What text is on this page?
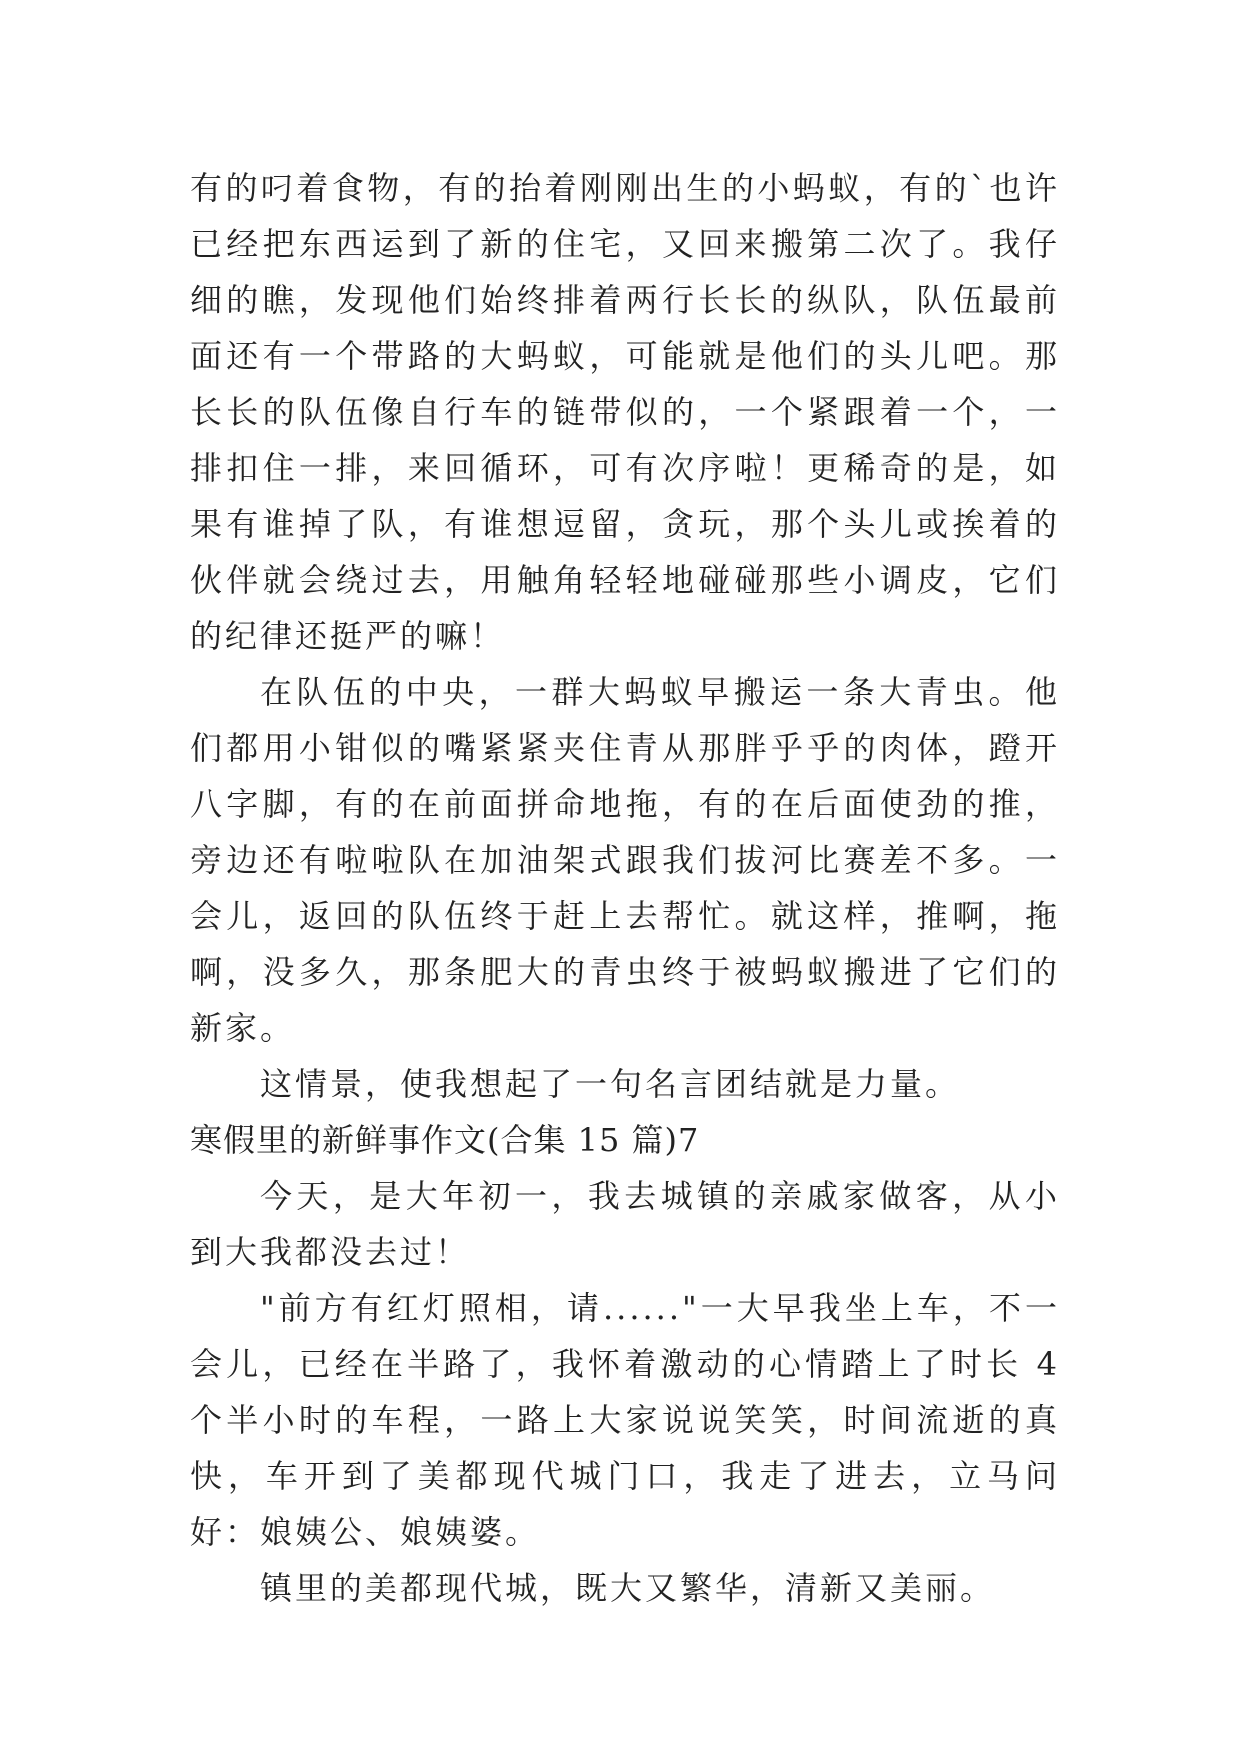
有的叼着食物，有的抬着刚刚出生的小蚂蚁，有的`也许已经把东西运到了新的住宅，又回来搬第二次了。我仔细的瞧，发现他们始终排着两行长长的纵队，队伍最前面还有一个带路的大蚂蚁，可能就是他们的头儿吧。那长长的队伍像自行车的链带似的，一个紧跟着一个，一排扣住一排，来回循环，可有次序啦！更稀奇的是，如果有谁掉了队，有谁想逗留，贪玩，那个头儿或挨着的伙伴就会绕过去，用触角轻轻地碰碰那些小调皮，它们的纪律还挺严的嘛！

在队伍的中央，一群大蚂蚁早搬运一条大青虫。他们都用小钳似的嘴紧紧夹住青从那胖乎乎的肉体，蹬开八字脚，有的在前面拼命地拖，有的在后面使劲的推，旁边还有啦啦队在加油架式跟我们拔河比赛差不多。一会儿，返回的队伍终于赶上去帮忙。就这样，推啊，拖啊，没多久，那条肥大的青虫终于被蚂蚁搬进了它们的新家。

这情景，使我想起了一句名言团结就是力量。

寒假里的新鲜事作文(合集 15 篇)7

今天，是大年初一，我去城镇的亲戚家做客，从小到大我都没去过！

"前方有红灯照相，请......"一大早我坐上车，不一会儿，已经在半路了，我怀着激动的心情踏上了时长 4 个半小时的车程，一路上大家说说笑笑，时间流逝的真快，车开到了美都现代城门口，我走了进去，立马问好：娘姨公、娘姨婆。

镇里的美都现代城，既大又繁华，清新又美丽。
